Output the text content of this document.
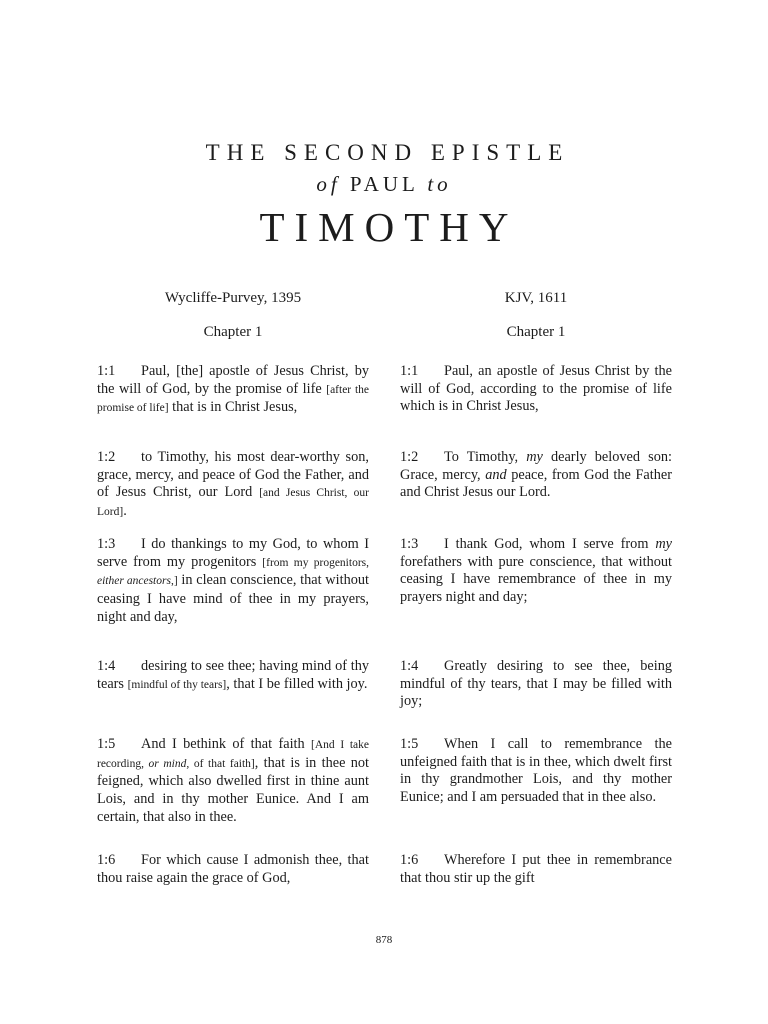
THE SECOND EPISTLE
of PAUL to
TIMOTHY
Wycliffe-Purvey, 1395
Chapter 1
1:1 Paul, [the] apostle of Jesus Christ, by the will of God, by the promise of life [after the promise of life] that is in Christ Jesus,
1:2 to Timothy, his most dear-worthy son, grace, mercy, and peace of God the Father, and of Jesus Christ, our Lord [and Jesus Christ, our Lord].
1:3 I do thankings to my God, to whom I serve from my progenitors [from my progenitors, either ancestors,] in clean conscience, that without ceasing I have mind of thee in my prayers, night and day,
1:4 desiring to see thee; having mind of thy tears [mindful of thy tears], that I be filled with joy.
1:5 And I bethink of that faith [And I take recording, or mind, of that faith], that is in thee not feigned, which also dwelled first in thine aunt Lois, and in thy mother Eunice. And I am certain, that also in thee.
1:6 For which cause I admonish thee, that thou raise again the grace of God,
KJV, 1611
Chapter 1
1:1 Paul, an apostle of Jesus Christ by the will of God, according to the promise of life which is in Christ Jesus,
1:2 To Timothy, my dearly beloved son: Grace, mercy, and peace, from God the Father and Christ Jesus our Lord.
1:3 I thank God, whom I serve from my forefathers with pure conscience, that without ceasing I have remembrance of thee in my prayers night and day;
1:4 Greatly desiring to see thee, being mindful of thy tears, that I may be filled with joy;
1:5 When I call to remembrance the unfeigned faith that is in thee, which dwelt first in thy grandmother Lois, and thy mother Eunice; and I am persuaded that in thee also.
1:6 Wherefore I put thee in remembrance that thou stir up the gift
878
